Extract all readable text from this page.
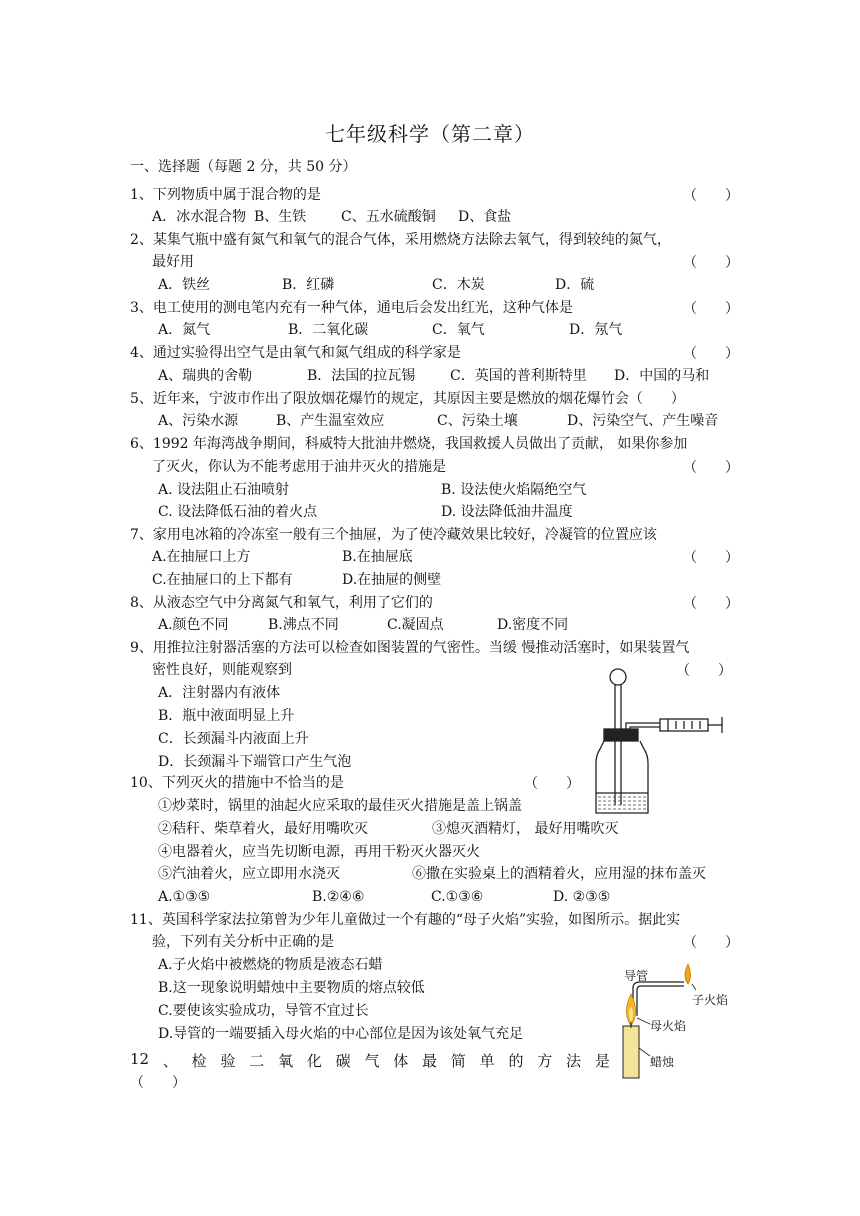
七年级科学（第二章）
一、选择题（每题 2 分，共 50 分）
1、下列物质中属于混合物的是	（　　）
A．冰水混合物 B、生铁 C、五水硫酸铜 D、食盐
2、某集气瓶中盛有氮气和氧气的混合气体，采用燃烧方法除去氧气，得到较纯的氮气，
最好用	（　　）
A．铁丝	B．红磷	C．木炭	D．硫
3、电工使用的测电笔内充有一种气体，通电后会发出红光，这种气体是	（　　）
A．氮气	B．二氧化碳	C．氧气	D．氖气
4、通过实验得出空气是由氧气和氮气组成的科学家是	（　　）
A、瑞典的舍勒	B．法国的拉瓦锡 C．英国的普利斯特里 D．中国的马和
5、近年来，宁波市作出了限放烟花爆竹的规定，其原因主要是燃放的烟花爆竹会（　　）
A、污染水源	B、产生温室效应	C、污染土壤	D、污染空气、产生噪音
6、1992 年海湾战争期间，科威特大批油井燃烧，我国救援人员做出了贡献， 如果你参加
了灭火，你认为不能考虑用于油井灭火的措施是	（　　）
A. 设法阻止石油喷射	B. 设法使火焰隔绝空气
C. 设法降低石油的着火点	D. 设法降低油井温度
7、家用电冰箱的冷冻室一般有三个抽屉，为了使冷藏效果比较好，冷凝管的位置应该
A.在抽屉口上方	B.在抽屉底	（　　）
C.在抽屉口的上下都有	D.在抽屉的侧壁
8、从液态空气中分离氮气和氧气，利用了它们的	（　　）
A.颜色不同	B.沸点不同	C.凝固点	D.密度不同
9、用推拉注射器活塞的方法可以检查如图装置的气密性。当缓 慢推动活塞时，如果装置气
密性良好，则能观察到	（　　）
A．注射器内有液体
B．瓶中液面明显上升
C．长颈漏斗内液面上升
D．长颈漏斗下端管口产生气泡
10、下列灭火的措施中不恰当的是	（　　）
①炒菜时，锅里的油起火应采取的最佳灭火措施是盖上锅盖
②秸秆、柴草着火，最好用嘴吹灭	③熄灭酒精灯， 最好用嘴吹灭
④电器着火，应当先切断电源，再用干粉灭火器灭火
⑤汽油着火，应立即用水浇灭	⑥撒在实验桌上的酒精着火，应用湿的抹布盖灭
A.①③⑤	B.②④⑥	C.①③⑥	D. ②③⑤
11、英国科学家法拉第曾为少年儿童做过一个有趣的“母子火焰”实验，如图所示。据此实
验，下列有关分析中正确的是	（　　）
A.子火焰中被燃烧的物质是液态石蜡
B.这一现象说明蜡烛中主要物质的熔点较低
C.要使该实验成功，导管不宜过长
D.导管的一端要插入母火焰的中心部位是因为该处氧气充足
导管
子火焰
母火焰
蜡烛
12 、 检 验 二 氧 化 碳 气 体 最 简 单 的 方 法 是
（　　）
